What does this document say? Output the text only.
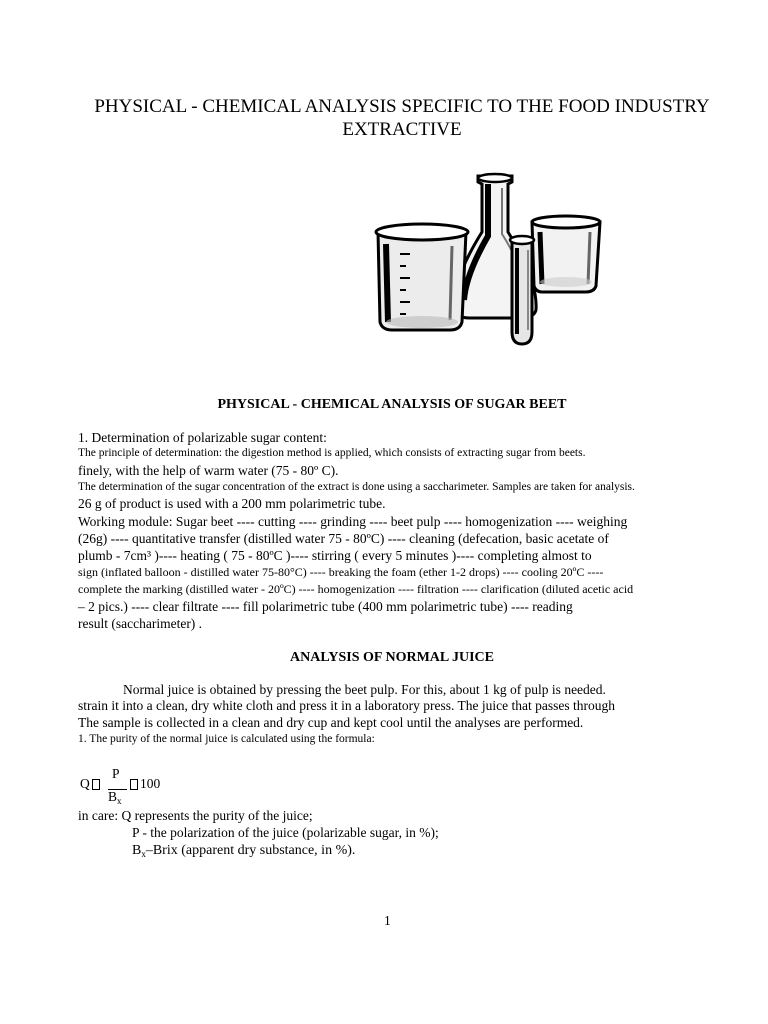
PHYSICAL - CHEMICAL ANALYSIS SPECIFIC TO THE FOOD INDUSTRY
EXTRACTIVE
PHYSICAL - CHEMICAL ANALYSIS OF SUGAR BEET
1. Determination of polarizable sugar content:
The principle of determination: the digestion method is applied, which consists of extracting sugar from beets.
finely, with the help of warm water (75 - 80º C).
The determination of the sugar concentration of the extract is done using a saccharimeter. Samples are taken for analysis.
26 g of product is used with a 200 mm polarimetric tube.
Working module: Sugar beet ---- cutting ---- grinding ---- beet pulp ---- homogenization ---- weighing
(26g) ---- quantitative transfer (distilled water 75 - 80ºC) ---- cleaning (defecation, basic acetate of
plumb - 7cm³ )---- heating ( 75 - 80ºC )---- stirring ( every 5 minutes )---- completing almost to
sign (inflated balloon - distilled water 75-80°C) ---- breaking the foam (ether 1-2 drops) ---- cooling 20ºC ----
complete the marking (distilled water - 20ºC) ---- homogenization ---- filtration ---- clarification (diluted acetic acid
– 2 pics.) ---- clear filtrate ---- fill polarimetric tube (400 mm polarimetric tube) ---- reading
result (saccharimeter) .
ANALYSIS OF NORMAL JUICE
Normal juice is obtained by pressing the beet pulp. For this, about 1 kg of pulp is needed.
strain it into a clean, dry white cloth and press it in a laboratory press. The juice that passes through
The sample is collected in a clean and dry cup and kept cool until the analyses are performed.
1. The purity of the normal juice is calculated using the formula:
Q
P
$B_x$
100
in care: Q represents the purity of the juice;
P - the polarization of the juice (polarizable sugar, in %);
$B_x$–Brix (apparent dry substance, in %).
1
